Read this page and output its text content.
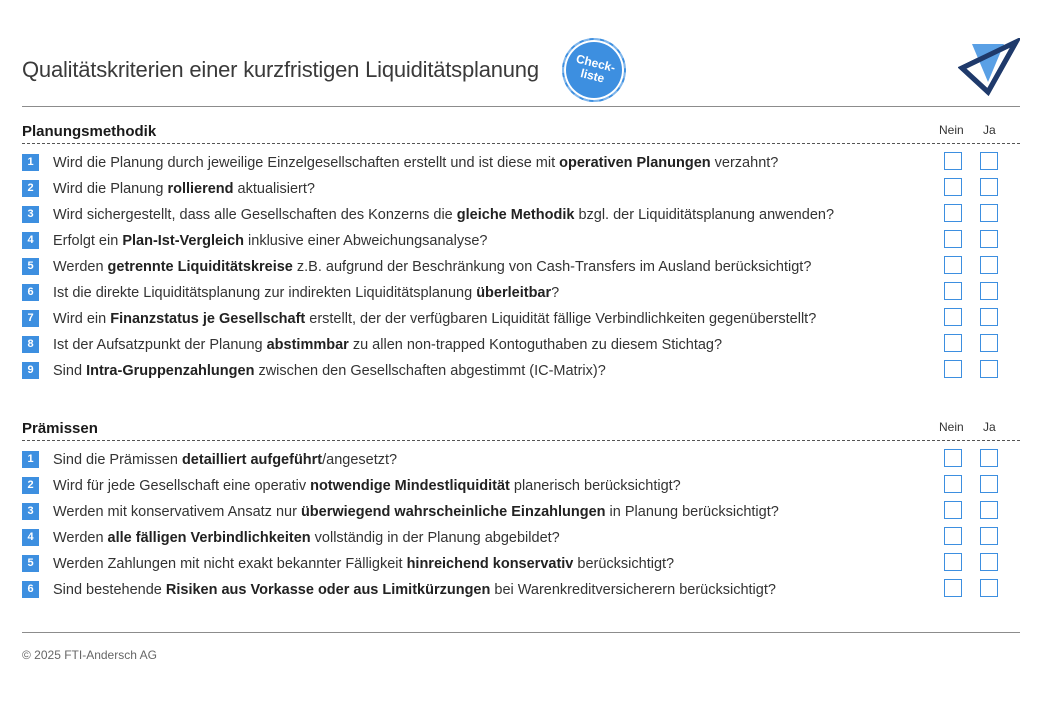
Qualitätskriterien einer kurzfristigen Liquiditätsplanung	Check-
liste
Planungsmethodik	Nein Ja
1	Wird die Planung durch jeweilige Einzelgesellschaften erstellt und ist diese mit operativen Planungen verzahnt?
2	Wird die Planung rollierend aktualisiert?
3	Wird sichergestellt, dass alle Gesellschaften des Konzerns die gleiche Methodik bzgl. der Liquiditätsplanung anwenden?
4	Erfolgt ein Plan-Ist-Vergleich inklusive einer Abweichungsanalyse?
5	Werden getrennte Liquiditätskreise z.B. aufgrund der Beschränkung von Cash-Transfers im Ausland berücksichtigt?
6	Ist die direkte Liquiditätsplanung zur indirekten Liquiditätsplanung überleitbar?
7	Wird ein Finanzstatus je Gesellschaft erstellt, der der verfügbaren Liquidität fällige Verbindlichkeiten gegenüberstellt?
8	Ist der Aufsatzpunkt der Planung abstimmbar zu allen non-trapped Kontoguthaben zu diesem Stichtag?
9	Sind Intra-Gruppenzahlungen zwischen den Gesellschaften abgestimmt (IC-Matrix)?
Prämissen	Nein Ja
1	Sind die Prämissen detailliert aufgeführt/angesetzt?
2	Wird für jede Gesellschaft eine operativ notwendige Mindestliquidität planerisch berücksichtigt?
3	Werden mit konservativem Ansatz nur überwiegend wahrscheinliche Einzahlungen in Planung berücksichtigt?
4	Werden alle fälligen Verbindlichkeiten vollständig in der Planung abgebildet?
5	Werden Zahlungen mit nicht exakt bekannter Fälligkeit hinreichend konservativ berücksichtigt?
6	Sind bestehende Risiken aus Vorkasse oder aus Limitkürzungen bei Warenkreditversicherern berücksichtigt?
© 2025 FTI-Andersch AG
